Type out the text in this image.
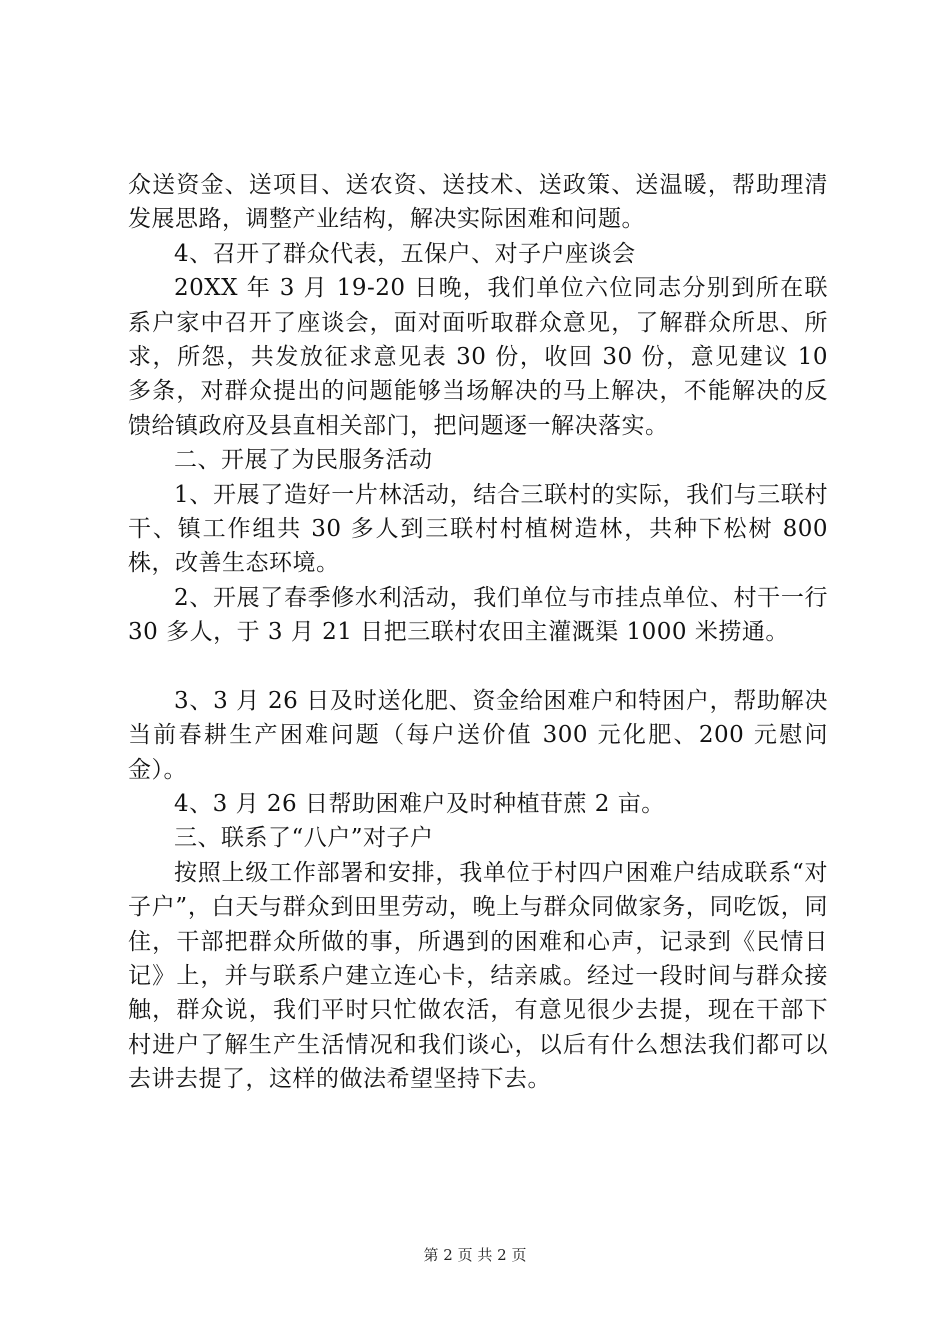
众送资金、送项目、送农资、送技术、送政策、送温暖，帮助理清发展思路，调整产业结构，解决实际困难和问题。

4、召开了群众代表，五保户、对子户座谈会

20XX 年 3 月 19-20 日晚，我们单位六位同志分别到所在联系户家中召开了座谈会，面对面听取群众意见，了解群众所思、所求，所怨，共发放征求意见表 30 份，收回 30 份，意见建议 10 多条，对群众提出的问题能够当场解决的马上解决，不能解决的反馈给镇政府及县直相关部门，把问题逐一解决落实。

二、开展了为民服务活动

1、开展了造好一片林活动，结合三联村的实际，我们与三联村干、镇工作组共 30 多人到三联村村植树造林，共种下松树 800 株，改善生态环境。

2、开展了春季修水利活动，我们单位与市挂点单位、村干一行 30 多人，于 3 月 21 日把三联村农田主灌溉渠 1000 米捞通。

3、3 月 26 日及时送化肥、资金给困难户和特困户，帮助解决当前春耕生产困难问题（每户送价值 300 元化肥、200 元慰问金）。

4、3 月 26 日帮助困难户及时种植苷蔗 2 亩。

三、联系了“八户”对子户

按照上级工作部署和安排，我单位于村四户困难户结成联系“对子户”，白天与群众到田里劳动，晚上与群众同做家务，同吃饭，同住，干部把群众所做的事，所遇到的困难和心声，记录到《民情日记》上，并与联系户建立连心卡，结亲戚。经过一段时间与群众接触，群众说，我们平时只忙做农活，有意见很少去提，现在干部下村进户了解生产生活情况和我们谈心，以后有什么想法我们都可以去讲去提了，这样的做法希望坚持下去。

第 2 页 共 2 页
